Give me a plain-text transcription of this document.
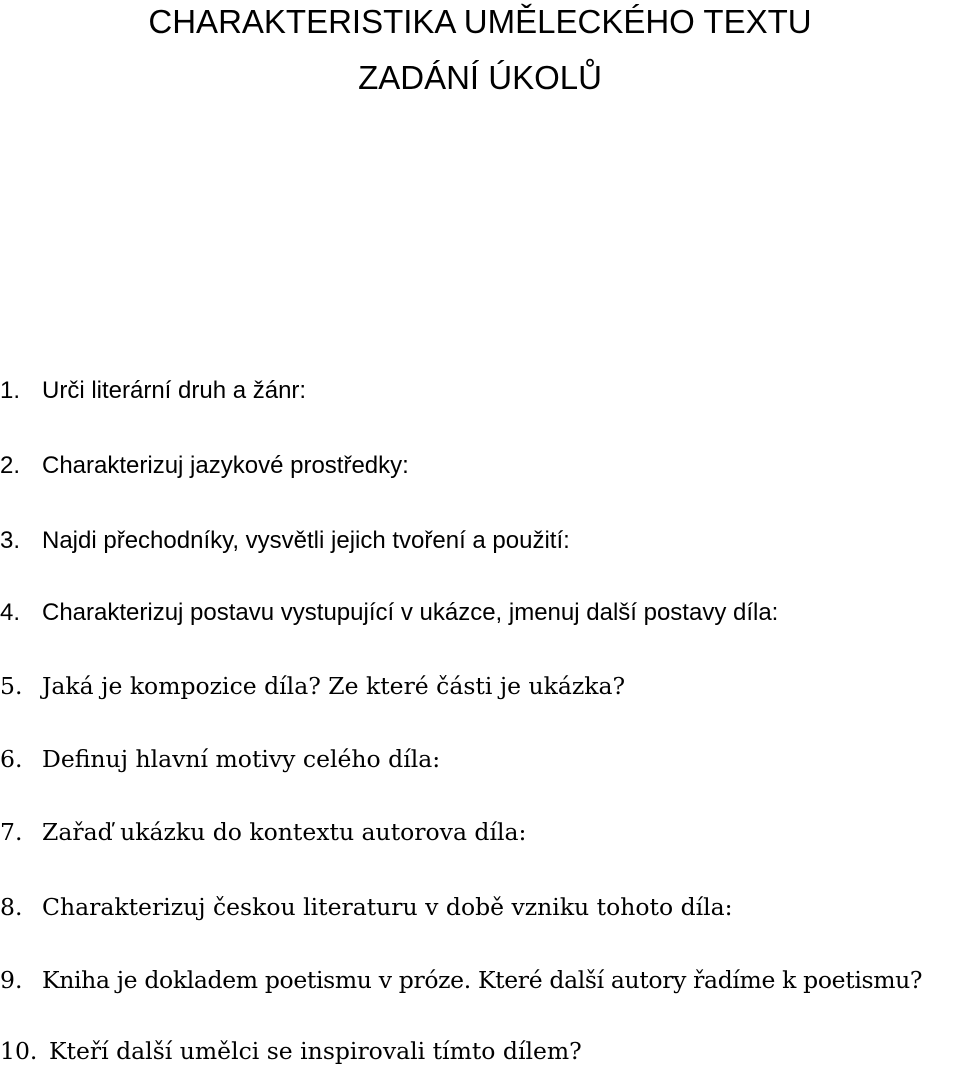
CHARAKTERISTIKA UMĚLECKÉHO TEXTU
ZADÁNÍ ÚKOLŮ
1. Urči literární druh a žánr:
2. Charakterizuj jazykové prostředky:
3. Najdi přechodníky, vysvětli jejich tvoření a použití:
4. Charakterizuj postavu vystupující v ukázce, jmenuj další postavy díla:
5. Jaká je kompozice díla? Ze které části je ukázka?
6. Definuj hlavní motivy celého díla:
7. Zařaď ukázku do kontextu autorova díla:
8. Charakterizuj českou literaturu v době vzniku tohoto díla:
9. Kniha je dokladem poetismu v próze. Které další autory řadíme k poetismu?
10. Kteří další umělci se inspirovali tímto dílem?
